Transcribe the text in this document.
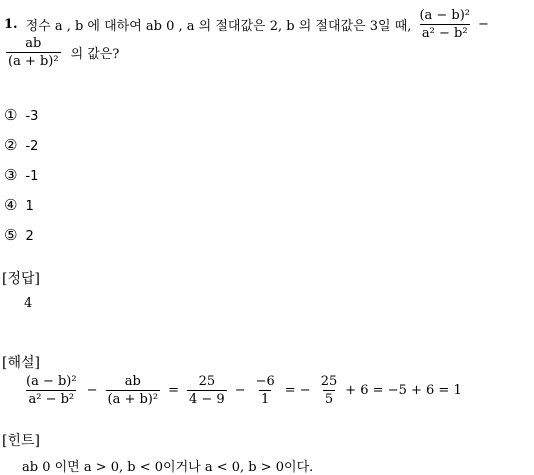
1. 정수 a , b 에 대하여 ab 0 , a 의 절대값은 2, b 의 절대값은 3일 때, $\frac{\text{(a − b)²}}{\text{a² − b²}}$ −
$\frac{ab}{\text{(a + b)²}}$ 의 값은?
① -3
② -2
③ -1
④ 1
⑤ 2
[정답]
4
[해설]
$\frac{\text{(a − b)²}}{\text{a² − b²}} - \frac{ab}{\text{(a + b)²}} = \frac{25}{4 - 9} - \frac{-6}{1}$ = − $\frac{25}{5} + 6 = -5 + 6 = 1$
[힌트]
ab 0 이면 a > 0, b < 0이거나 a < 0, b > 0이다.
